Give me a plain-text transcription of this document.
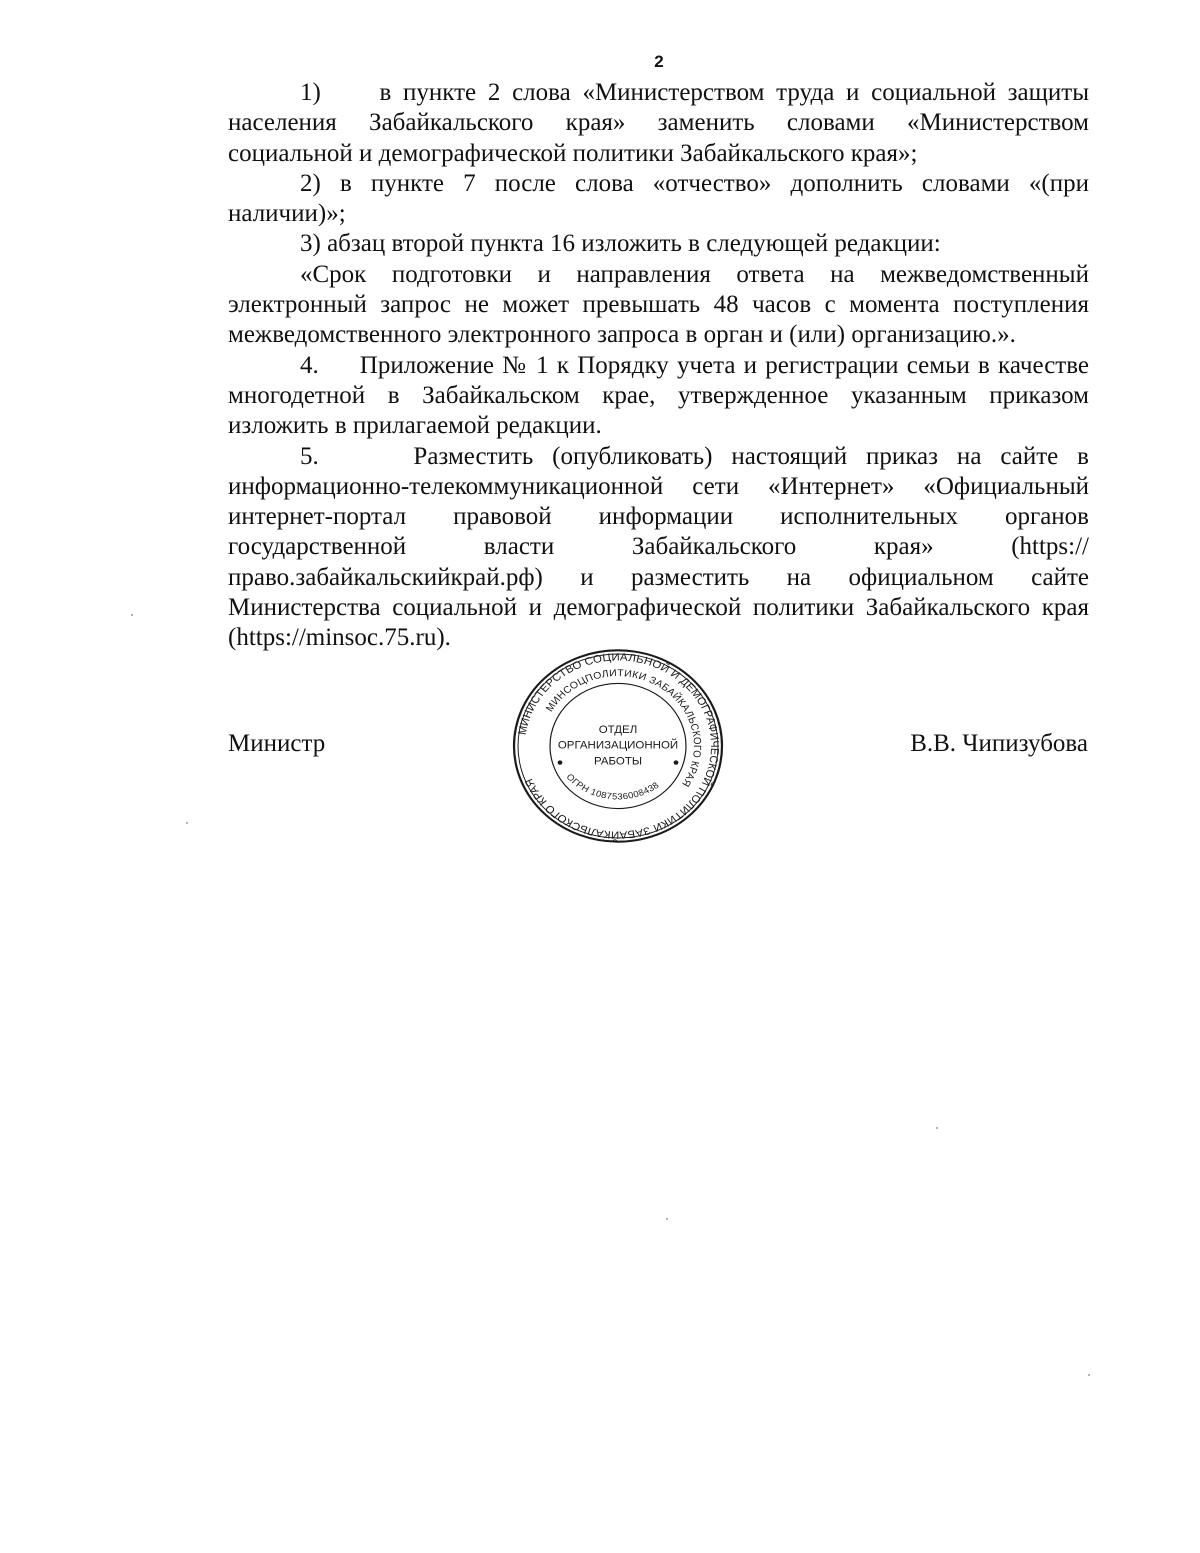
2

1)     в пункте 2 слова «Министерством труда и социальной защиты населения Забайкальского края» заменить словами «Министерством социальной и демографической политики Забайкальского края»;

2) в пункте 7 после слова «отчество» дополнить словами «(при наличии)»;

3) абзац второй пункта 16 изложить в следующей редакции:

«Срок подготовки и направления ответа на межведомственный электронный запрос не может превышать 48 часов с момента поступления межведомственного электронного запроса в орган и (или) организацию.».

4.     Приложение № 1 к Порядку учета и регистрации семьи в качестве многодетной в Забайкальском крае, утвержденное указанным приказом изложить в прилагаемой редакции.

5.     Разместить (опубликовать) настоящий приказ на сайте в информационно-телекоммуникационной сети «Интернет» «Официальный интернет-портал правовой информации исполнительных органов государственной власти Забайкальского края» (https://право.забайкальскийкрай.рф) и разместить на официальном сайте Министерства социальной и демографической политики Забайкальского края (https://minsoc.75.ru).

Министр	В.В. Чипизубова
МИНИСТЕРСТВО СОЦИАЛЬНОЙ И ДЕМОГРАФИЧЕСКОЙ ПОЛИТИКИ ЗАБАЙКАЛЬСКОГО КРАЯ
МИНСОЦПОЛИТИКИ ЗАБАЙКАЛЬСКОГО КРАЯ
ОГРН 1087536008438
ОТДЕЛ
ОРГАНИЗАЦИОННОЙ
РАБОТЫ
